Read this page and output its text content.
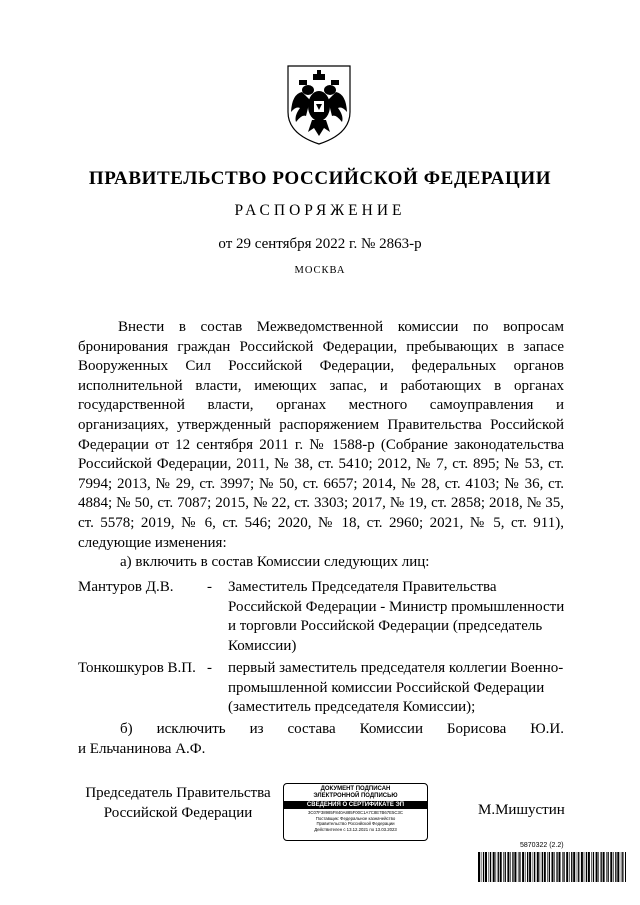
ПРАВИТЕЛЬСТВО РОССИЙСКОЙ ФЕДЕРАЦИИ
РАСПОРЯЖЕНИЕ
от 29 сентября 2022 г. № 2863-р
МОСКВА

Внести в состав Межведомственной комиссии по вопросам бронирования граждан Российской Федерации, пребывающих в запасе Вооруженных Сил Российской Федерации, федеральных органов исполнительной власти, имеющих запас, и работающих в органах государственной власти, органах местного самоуправления и организациях, утвержденный распоряжением Правительства Российской Федерации от 12 сентября 2011 г. № 1588-р (Собрание законодательства Российской Федерации, 2011, № 38, ст. 5410; 2012, № 7, ст. 895; № 53, ст. 7994; 2013, № 29, ст. 3997; № 50, ст. 6657; 2014, № 28, ст. 4103; № 36, ст. 4884; № 50, ст. 7087; 2015, № 22, ст. 3303; 2017, № 19, ст. 2858; 2018, № 35, ст. 5578; 2019, № 6, ст. 546; 2020, № 18, ст. 2960; 2021, № 5, ст. 911), следующие изменения:

а) включить в состав Комиссии следующих лиц:

Мантуров Д.В.	-	Заместитель Председателя Правительства Российской Федерации - Министр промышленности и торговли Российской Федерации (председатель Комиссии)
Тонкошкуров В.П. -	первый заместитель председателя коллегии Военно-промышленной комиссии Российской Федерации (заместитель председателя Комиссии);

б) исключить из состава Комиссии Борисова Ю.И.

и Ельчанинова А.Ф.

Председатель Правительства
Российской Федерации
ДОКУМЕНТ ПОДПИСАН
ЭЛЕКТРОННОЙ ПОДПИСЬЮ
СВЕДЕНИЯ О СЕРТИФИКАТЕ ЭП
3C07F38985F840A885F00C1A7C8E7B67E5C3C
Поставщик: Федеральное казначейство
Правительство Российской Федерации
Действителен с 13.12.2021 по 13.03.2023
М.Мишустин
5870322 (2.2)
